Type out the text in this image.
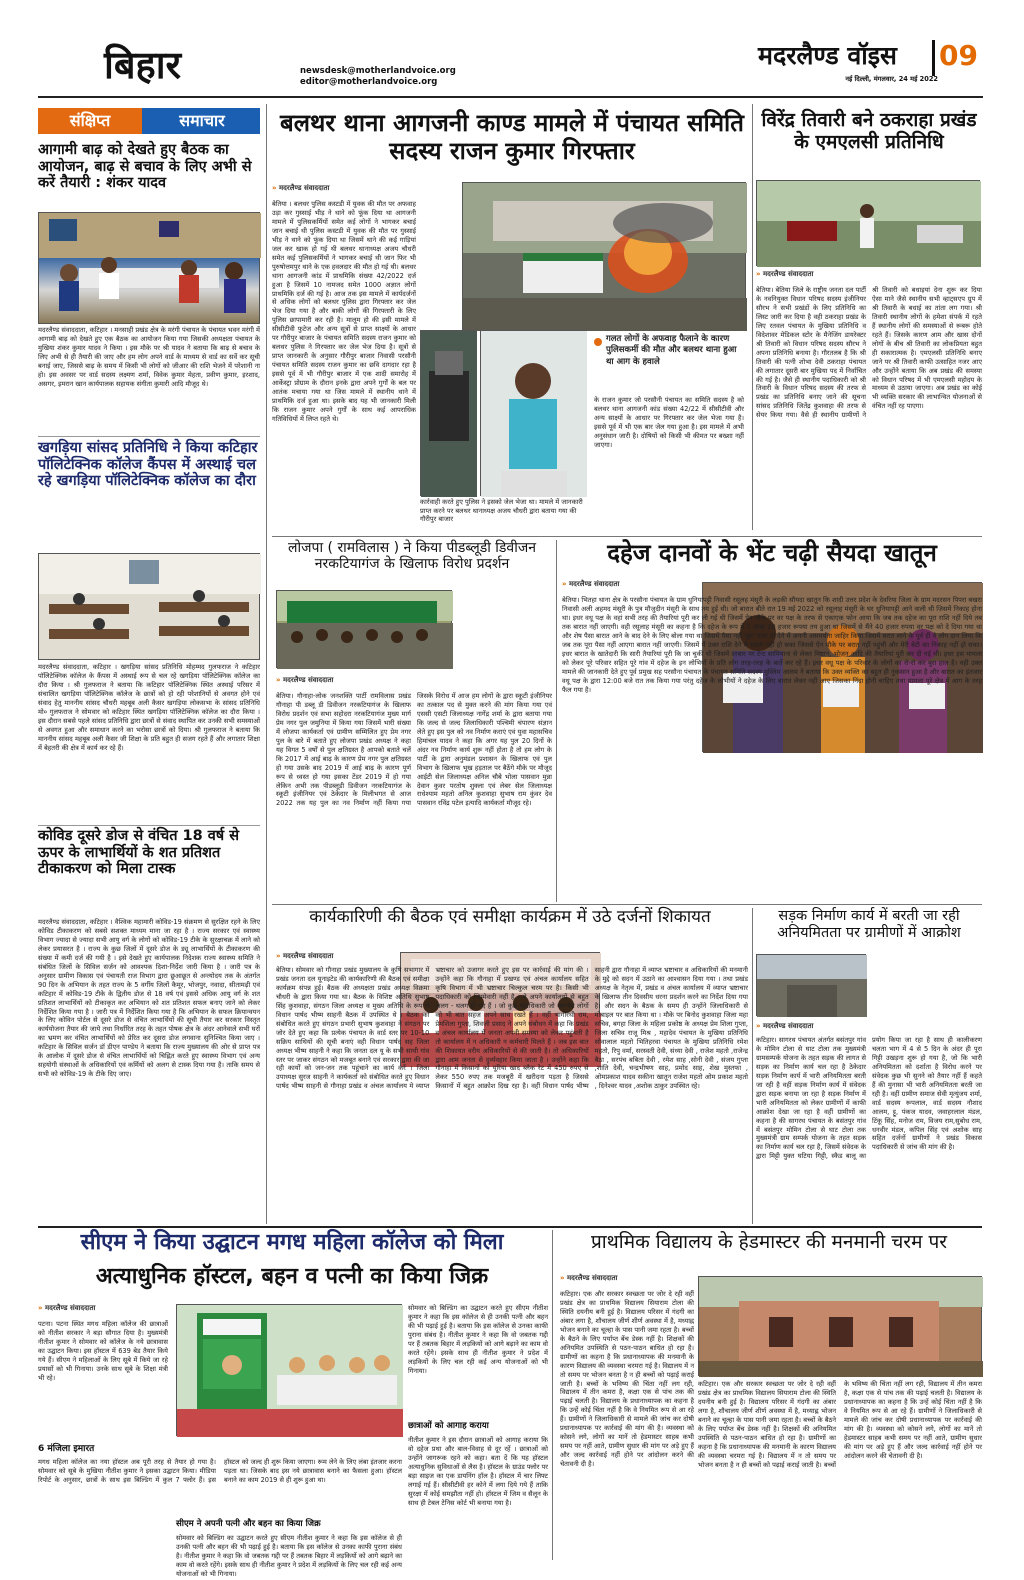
बिहार	newsdesk@motherlandvoice.org
editor@motherlandvoice.org
मदरलैण्ड वॉइस	09
नई दिल्ली, मंगलवार, 24 मई 2022
संक्षिप्त	समाचार
आगामी बाढ़ को देखते हुए बैठक का आयोजन, बाढ़ से बचाव के लिए अभी से करें तैयारी : शंकर यादव
मदरलैण्ड संवाददाता, कटिहार । मनसाही प्रखंड क्षेत्र के मरंगी पंचायत के पंचायत भवन मरंगी में आगामी बाढ़ को देखते हुए एक बैठक का आयोजन किया गया जिसकी अध्यक्षता पंचायत के मुखिया शंकर कुमार यादव ने किया । इस मौके पर श्री यादव ने बताया कि बाढ़ से बचाव के लिए अभी से ही तैयारी की जाए और हम लोग अपने वार्ड के माध्यम से वार्ड का सर्वे कर सूची बनाई जाए, जिससे बाढ़ के समय में किसी भी लोगों को जीआर की राशि भेजने में परेशानी ना हो। इस अवसर पर वार्ड सदस्य लक्ष्मण शर्मा, विवेक कुमार मेहता, प्रवीण कुमार, इरशाद, असगर, इमरान खान कार्यपालक सहायक संगीता कुमारी आदि मौजूद थे।
खगड़िया सांसद प्रतिनिधि ने किया कटिहार पॉलिटेक्निक कॉलेज कैंपस में अस्थाई चल रहे खगड़िया पॉलिटेक्निक कॉलेज का दौरा
मदरलैण्ड संवाददाता, कटिहार । खगड़िया सांसद प्रतिनिधि मोहम्मद गुलफराज ने कटिहार पॉलिटेक्निक कॉलेज के कैंपस में अस्थाई रूप से चल रहे खगड़िया पॉलिटेक्निक कॉलेज का दौरा किया । श्री गुलफराज ने बताया कि कटिहार पॉलिटेक्निक स्थित अस्थाई परिसर में संचालित खगड़िया पॉलिटेक्निक कॉलेज के छात्रों को हो रही परेशानियों से अवगत होने एवं संवाद हेतु माननीय सांसद चौधरी महबूब अली कैसर खगड़िया लोकसभा के सांसद प्रतिनिधि मो० गुलफराज ने सोमवार को कटिहार स्थित खगड़िया पॉलिटेक्निक कॉलेज का दौरा किया । इस दौरान सबसे पहले सांसद प्रतिनिधि द्वारा छात्रों से संवाद स्थापित कर उनकी सभी समस्याओं से अवगत हुआ और समाधान करने का भरोसा छात्रों को दिया। श्री गुलफराज ने बताया कि माननीय सांसद महबूब अली कैसर जी शिक्षा के प्रति बहुत ही सजग रहते हैं और लगातार शिक्षा में बेहतरी की क्षेत्र में कार्य कर रहे हैं।
कोविड दूसरे डोज से वंचित 18 वर्ष से ऊपर के लाभार्थियों के शत प्रतिशत टीकाकरण को मिला टास्क
मदरलैण्ड संवाददाता, कटिहार । वैश्विक महामारी कोविड-19 संक्रमण से सुरक्षित रहने के लिए कोविड टीकाकरण को सबसे सशक्त माध्यम माना जा रहा है । राज्य सरकार एवं स्वास्थ्य विभाग ज्यादा से ज्यादा सभी आयु वर्ग के लोगों को कोविड-19 टीके के सुरक्षाचक्र में लाने को लेकर प्रयासरत है । राज्य के कुछ जिलों में दूसरे डोज के ड्यू लाभार्थियों के टीकाकरण की संख्या में कमी दर्ज की गयी है । इसे देखते हुए कार्यपालक निदेशक राज्य स्वास्थ्य समिति ने संबंधित जिलों के सिविल सर्जन को आवश्यक दिशा-निर्देश जारी किया है । जारी पत्र के अनुसार ग्रामीण विकास एवं पंचायती राज विभाग द्वारा छूआछूत से अन्त्योदय तक के अंतर्गत 90 दिन के अभियान के तहत राज्य के 5 वर्गीय जिलों कैमूर, भोजपुर, नवादा, सीतामढ़ी एवं कटिहार में कोविड-19 टीके के द्वितीय डोज से 18 वर्ष एवं इससे अधिक आयु वर्ग के शत प्रतिशत लाभार्थियों को टीकाकृत कर अभियान को शत प्रतिशत सफल बनाए जाने को लेकर निर्देशित किया गया है । जारी पत्र में निर्देशित किया गया है कि अभियान के सफल क्रियान्वयन के लिए कोविन पोर्टल से दूसरे डोज से वंचित लाभार्थियों की सूची तैयार कर सरकार विस्तृत कार्ययोजना तैयार की जाये तथा निर्धारित तरह के तहत पोषक क्षेत्र के अंदर आनेवाले सभी घरों का भ्रमण कर वंचित लाभार्थियों को प्रेरित कर दूसरा डोज लगवाना सुनिश्चित किया जाए । कटिहार के सिविल सर्जन डॉ डीएन पाण्डेय ने बताया कि राज्य मुख्यालय की ओर से प्राप्त पत्र के आलोक में दूसरे डोज से वंचित लाभार्थियों को चिह्नित करते हुए स्वास्थ्य विभाग एवं अन्य सहयोगी संस्थाओं के अधिकारियों एवं कर्मियों को अलग से टास्क दिया गया है। ताकि समय से सभी को कोविड-19 के टीके दिए जाए।
बलथर थाना आगजनी काण्ड मामले में पंचायत समिति सदस्य राजन कुमार गिरफ्तार
» मदरलैण्ड संवाददाता
बेतिया । बलथर पुलिस कस्टडी में युवक की मौत पर अफवाह उड़ा कर गुस्साई भीड़ ने थाने को फूंक दिया था आगजनी मामले में पुलिसकर्मियों समेत कई लोगों ने भागकर बचाई जान बचाई थी पुलिस कस्टडी में युवक की मौत पर गुस्साई भीड़ ने थाने को फूंक दिया था जिसमें थाने की कई गाड़ियां जल कर खाक हो गई थी बलथर थानाध्यक्ष अजय चौधरी समेत कई पुलिसकर्मियों ने भागकर बचाई थी जान फिर भी पुरुषोत्तमपुर थाने के एक हवलदार की मौत हो गई थी। बलथर थाना आगजनी कांड में प्राथमिकि संख्या 42/2022 दर्ज हुआ है जिसमें 10 नामजद समेत 1000 अज्ञात लोगों प्राथमिकि दर्ज की गई है। आज तक इस मामले में कार्यदर्जनों से अधिक लोगों को बलथर पुलिस द्वारा गिरफ्तार कर जेल भेज दिया गया है और बाकी लोगों की गिरफ्तारी के लिए पुलिस छापामारी कर रही है। मालूम हो की इसी मामले में सीसीटीवी फुटेज और अन्य सूत्रों से प्राप्त साक्ष्यों के आधार पर गौरीपुर बाजार के पंचायत समिति सदस्य राजन कुमार को बलथर पुलिस ने गिरफ्तार कर जेल भेज दिया है। सूत्रों से प्राप्त जानकारी के अनुसार गौरीपुर बाजार निवासी परसौनी पंचायत समिति सदस्य राजन कुमार का छवि दागदार रहा है इससे पूर्व में भी गौरीपुर बाजार में एक शादी समारोह में आर्केस्ट्रा प्रोग्राम के दौरान इनके द्वारा अपने गुर्गों के बल पर आतंक मचाया गया था जिस मामले में स्थानीय थाने में प्राथमिकि दर्ज हुआ था। इसके बाद यह भी जानकारी मिली कि राजन कुमार अपने गुर्गों के साथ कई आपराधिक गतिविधियों में लिप्त रहते थे।
कार्रवाही करते हुए पुलिस ने इसको जेल भेजा था। मामले में जानकारी प्राप्त करने पर बलथर थानाध्यक्ष अजय चौधरी द्वारा बताया गया की गौरीपुर बाजार
गलत लोगों के अफवाह फैलाने के कारण पुलिसकर्मी की मौत और बलथर थाना हुआ था आग के हवाले
के राजन कुमार जो परसौनी पंचायत का समिति सदस्य है को बलथर थाना आगजनी कांड संख्या 42/22 में सीसीटीवी और अन्य साक्ष्यों के आधार पर गिरफ्तार कर जेल भेजा गया है। इससे पूर्व में भी एक बार जेल गया हुआ है। इस मामले में अभी अनुसंधान जारी है। दोषियों को किसी भी कीमत पर बख्शा नहीं जाएगा।
विरेंद्र तिवारी बने ठकराहा प्रखंड के एमएलसी प्रतिनिधि
» मदरलैण्ड संवाददाता
बेतिया। बेतिया जिले के राष्ट्रीय जनता दल पार्टी के नवनियुक्त विधान परिषद सदस्य इंजीनियर सौरभ ने सभी प्रखंडों के लिए प्रतिनिधि का लिस्ट जारी कर दिया है वही ठकराहा प्रखंड के लिए रतवल पंचायत के मुखिया प्रतिनिधि व विदेशावर मेडिकल स्टोर के मैनेजिंग डायरेक्टर श्री तिवारी को विधान परिषद सदस्य सौरभ ने अपना प्रतिनिधि बनाया है। गौरतलब है कि श्री तिवारी की पत्नी शोभा देवी ठकराहा पंचायत की लगातार दूसरी बार मुखिया पद में निर्वाचित की गई है। जैसे ही स्थानीय पदाधिकारी को श्री तिवारी के विधान परिषद सदस्य की तरफ से प्रखंड का प्रतिनिधि बनाए जाने की सूचना सांसद प्रतिनिधि जितेंद्र कुशवाहा की तरफ से सेयर किया गया। वैसे ही स्थानीय ग्रामीणों ने श्री तिवारी को बधाइयां देना शुरू कर दिया ऐसा माने जैसे स्थानीय सभी व्हाट्सएप ग्रुप में श्री तिवारी के बधाई का तांता लग गया। श्री तिवारी स्थानीय लोगों के हमेशा संपर्क में रहते हैं स्थानीय लोगों की समस्याओं से रूबरू होते रहते हैं। जिसके कारण आम और खास दोनों लोगों के बीच श्री तिवारी का लोकप्रियता बहुत ही सकारात्मक है। एमएलसी प्रतिनिधि बनाए जाने पर श्री तिवारी काफी उत्साहित नजर आए और उन्होंने बताया कि अब प्रखंड की समस्या को विधान परिषद में भी एमएलसी महोदय के माध्यम से उठाया जाएगा। अब प्रखंड का कोई भी व्यक्ति सरकार की लाभान्वित योजनाओं से वंचित नहीं रह पाएगा।
लोजपा ( रामविलास ) ने किया पीडब्लूडी डिवीजन नरकटियागंज के खिलाफ विरोध प्रदर्शन
» मदरलैण्ड संवाददाता
बेतिया। गौनाहा-लोक जनशक्ति पार्टी रामविलास प्रखंड गौनाहा पी डब्लू डी डिवीजन नरकटियागंज के खिलाफ विरोध प्रदर्शन एवं सभा सहोदरा नरकटियागंज मुख्य मार्ग प्रेम नगर पुल जमुनिया में किया गया जिसमें भारी संख्या में लोजपा कार्यकर्ता एवं ग्रामीण सम्मिलित हुए प्रेम नगर पुल के बारे में बताते हुए लोजपा प्रखंड अध्यक्ष ने कहा यह विगत 5 वर्षों से पुल क्षतिग्रस्त है आपको बताते चलें कि 2017 में आई बाढ़ के कारण प्रेम नगर पुल क्षतिग्रस्त हो गया उसके बाद 2019 में आई बाढ़ के कारण पूर्ण रूप से ध्वस्त हो गया इसका टेंडर 2019 में हो गया लेकिन अभी तक पीडब्लूडी डिवीजन नरकटियागंज के स्कूटी इंजीनियर एवं ठेकेदार के मिलीभगत से आज 2022 तक यह पुल का नव निर्माण नहीं किया गया जिसके विरोध में आज हम लोगों के द्वारा स्कूटी इंजीनियर का तत्काल पद से मुक्त करने की मांग किया गया एवं एससी एसटी जिलाध्यक्ष नागेंद्र शर्मा के द्वारा बताया गया कि जल्द से जल्द जिलाधिकारी पश्चिमी चंपारण संज्ञान लेते हुए इस पुल को नव निर्माण कराएं एवं युवा महासचिव हिमांचल यादव ने कहा कि अगर यह पुल 20 दिनों के अंदर नव निर्माण कार्य शुरू नहीं होता है तो हम लोग के पार्टी के द्वारा अनुमंडल प्रशासन के खिलाफ एवं पुल विभाग के खिलाफ भूख हड़ताल पर बैठेंगे मौके पर मौजूद आईटी सेल जिलाध्यक्ष अनिल चौबे भोला पासवान मुन्ना देवान कुवर परतोष शुक्ला एवं लेबर सेल जिलाध्यक्ष राधेश्याम महतो अनिल कुशवाहा सुभाष राम कुंवर देव पासवान रविंद्र पटेल इत्यादि कार्यकर्ता मौजूद रहे।
दहेज दानवों के भेंट चढ़ी सैयदा खातून
» मदरलैण्ड संवाददाता
बेतिया। भितहा थाना क्षेत्र के परसौना पंचायत के ग्राम धुनियापट्टी निवासी रसूलह मंसूरी के लड़की सौयदा खातून कि शादी उत्तर प्रदेश के देवरिया जिला के ग्राम मदरसन पिपरा बखरा निवासी अली अहमद मंसूरी के पुत्र मौजुदीन मंसूरी के साथ तय हुई थी। जो बारात बीते रात 19 मई 2022 को रसूलाह मंसूरी के घर धुनियापट्टी आने वाली थी जिसमें निकाह होना था। इधर वधू पक्ष के वहां सभी तरह की तैयारियां पूरी कर ली गई थी जिसमें ऐन मौके पर वर पक्ष के तरफ से एकाएक फोन आया कि जब तक दहेज का पूरा राशि नहीं दिये तब तक बारात नहीं जाएगी। वही रसूलाह मंसूरी का कहना है कि दहेज के रूप में 1 लाख 20 हजार रूपया तय हुआ था जिसमें से मैंने 40 हजार रुपया वर पक्ष को दे दिया गया था और शेष पैसा बारात आने के बाद देने के लिए बोला गया था जिसमें पैसा नहीं जुटा पाया तो देने में अपनी असमर्थता जाहिर किया जिसमें बरात लाने के पूर्व ही वे लोग दान लिया कि जब तक पूरा पैसा नहीं आएगा बारात नहीं जाएगी। जिसमें मैं उक्त राशि देने में सक्षम नहीं हो सका जिससे ऐन मौके पर बरात नहीं पहुंची और मेरी बेटी का निकाह नहीं हो सका। इधर बारात के खातेदारी कि सारी तैयारियां पूरी कि जा चुकी थी जिसमें दरबार पर टेन्ट सामियाना से लेकर मिष्ठान, भोजन आदि की तैयारियां पूरी कर दी गई थी। इधर इस मामला को लेकर पूरे परिवार सहित पूरे गांव में दहेज के इन लोभियों के प्रति लोग तरह-तरह के बातें कर रहे हैं। इधर वधू पक्ष के परिवार के लोगों का रो-रो कर बुरा हाल है। वही उक्त मामले की जानकारी देते हुए पूर्व प्रमुख सह परसौना पंचायत के पंचायत समिति सदस्य मुस्लिम आलम ने बताया कि उक्त व्यक्ति का बहुत ही नुकसान हुआ है और बारात का इंतजार वधू पक्ष के द्वारा 12:00 बजे रात तक किया गया परंतु दहेज के लोभीयों ने दहेज के लिए बारात लेकर नहीं आए जिसका निंदा होनी चाहिए तथा मामला पूरे क्षेत्र में आग के तरह फैल गया है।
कार्यकारिणी की बैठक एवं समीक्षा कार्यक्रम में उठे दर्जनों शिकायत
» मदरलैण्ड संवाददाता
बेतिया। सोमवार को गौनाहा प्रखंड मुख्यालय के कुषि सभागार में प्रखंड जनता दल यूनाइटेड की कार्यकारिणी की बैठक एवं समीक्षा कार्यक्रम संपन्न हुई। बैठक की अध्यक्षता प्रखंड अध्यक्ष विक्रमा चौधरी के द्वारा किया गया था। बैठक के विशिष्ट अतिथि सुभाष सिंह कुशवाहा, संगठन जिला अध्यक्ष व मुख्य अतिथि के रूप में विधान पार्षद भीष्म साहनी बैठक में उपस्थित थे । बैठक को संबोधित करते हुए संगठन प्रभारी सुभाष कुशवाहा ने संगठन पर जोर देते हुए कहा कि प्रत्येक पंचायत के वार्ड स्तर पर 10-10 सक्रिय साथियों की सूची बनाएं वही विधान पार्षद सह जिला अध्यक्ष भीष्म साहनी ने कहा कि जनता दल यू के सभी साथी गांव स्तर पर जाकर संगठन को मजबूत बनाने एवं सरकार द्वारा की जा रही कार्यों को जन-जन तक पहुंचाने का कार्य करें । जिला उपाध्यक्ष सुरज साहनी ने कार्यकर्ता को संबोधित करते हुए विधान पार्षद भीष्म साहनी से गौनाहा प्रखंड व अंचल कार्यालय मे व्याप्त भ्रष्टाचार को उजागर करते हुए इस पर कार्रवाई की मांग की । उन्होंने कहा कि गौनाहा में प्रखण्ड एवं अंचल कार्यालय सहित कृषि विभाग में भी भ्रष्टाचार चिल्कुल चरम पर है। किसी भी पदाधिकारी को जिम्मेवारी नहीं है । वे अपने कार्यालयों से बहुत अलग - थलग हो गए हैं । जो कुछ पदाधिकारी जो स्थानीय लोगों को भी बात सहज अपने साथ रखते हैं । वहीं भागीरथी राम, प्रेमशिला गुप्ता, शिवजी प्रसाद ने अपने संबोधन में कहा कि प्रखंड व अंचल कार्यालय में जनता अपनी समस्या को लेकर पहुंचती है तो कार्यालय में न अधिकारी न कर्मचारी मिलते हैं । जब इस बात की शिकायत वरीय अधिकारियों से की जाती है। तो अधिकारियों द्वारा आम जनता से दुर्व्यवहार किया जाता है । उन्होंने कहा कि गौनाहा में किसानों को यूरिया खाद ब्लैक रेट में 450 रुपए से लेकर 550 रुपए तक मजबूरी में खरीदना पड़ता है जिससे किसानों में बहुत आक्रोश दिख रहा है। वहीं विधान पार्षद भीष्म साहनी द्वारा गौनाहा में व्याप्त भ्रष्टाचार व अधिकारियों की मनमानी के मुद्दे को सदन में उठाने का आश्वासन दिया गया । तथा प्रखंड अध्यक्ष के नेतृत्व में, प्रखंड व अंचल कार्यालय में व्याप्त भ्रष्टाचार के खिलाफ तीन दिवसीय धरना प्रदर्शन करने का निर्देश दिया गया है। और सदन के बैठक के समय ही उन्होंने जिलाधिकारी से मोबाइल पर बात किया था । मौके पर बिनोद कुशवाहा जिला महा सचिव, बगहा जिला के महिला प्रकोष्ठ के अध्यक्ष प्रेम शिला गुप्ता, जिला सचिव राजू मिश्र , महादेव पंचायत के मुखिया प्रतिनिधि सोवालाल महतो भितिहरवा पंचायत के मुखिया प्रतिनिधि रमेश महतो, रिपु वर्मा, सरस्वती देवी, संध्या देवी , राजेश महतो ,राजेन्द्र बैठा , सरपंच बबिता देवी , रमेश साह ,सोनी देवी , संजय गुप्ता ,शांति देवी, चन्द्रभीषण साह, प्रमोद साह, शेख मुस्तफा , ओमप्रकाश यादव सकीना खातून राजेश महतो ओम प्रकाश महतो , दिनेश्वर यादव ,अशोक ठाकुर उपस्थित रहे।
सड़क निर्माण कार्य में बरती जा रही अनियमितता पर ग्रामीणों में आक्रोश
» मदरलैण्ड संवाददाता
कटिहार। सागरथ पंचायत अंतर्गत बसंतपुर गांव के मोमिन टोला से घाट टोला तक मुख्यमंत्री ग्रामसम्पर्क योजना के तहत सड़क की लागत से सड़क का निर्माण कार्य चल रहा है ठेकेदार सड़क निर्माण कार्य में भारी अनियमितता बरती जा रही है वहीं सड़क निर्माण कार्य में संवेदक द्वारा सड़क बनाया जा रहा है सड़क निर्माण में भारी अनियमितता को लेकर ग्रामीणों में काफी आक्रोश देखा जा रहा है वहीं ग्रामीणों का कहना है की सागरथ पंचायत के बसंतपुर गांव में बसंतपुर मोमिन टोला से घाट टोला तक मुख्यमंत्री ग्राम सम्पर्क योजना के तहत सड़क का निर्माण कार्य चल रहा है, जिसमें संवेदक के द्वारा मिट्टी युक्त घटिया गिट्टी, स्कैड बालू का प्रयोग किया जा रहा है साथ ही कालीकरण चलता भाग में 4 से 5 दिन के अंदर ही पूरा गिट्टी उखड़ना शुरू हो गया है, जो कि भारी अनियमितता को दर्शाता है विरोध करने पर संवेदक कुछ भी सुनने को तैयार नहीं हैं कहते हैं की मुनासा भी भारी अनियमितता बरती जा रही है। वहीं ग्रामीण समाज सेवी मृत्युंजय शर्मा, वार्ड सदस्य रूपलाल, वार्ड सदस्य नौशाद आलम, ट्टू, पंकज यादव, जवाहरलाल मंडल, टिंकू सिंह, मनोज राम, विजय राम,सुबोध राम, धनवीर मंडल, कपिल सिंह एवं अशोक साह सहित दर्जनों ग्रामीणों ने प्रखंड विकास पदाधिकारी से जांच की मांग की है।
सीएम ने किया उद्घाटन मगध महिला कॉलेज को मिला
अत्याधुनिक हॉस्टल, बहन व पत्नी का किया जिक्र
» मदरलैण्ड संवाददाता
पटना। पटना स्थित मगध महिला कॉलेज की छात्राओं को नीतीश सरकार ने बड़ा सौगात दिया है। मुख्यमंत्री नीतीश कुमार ने सोमवार को कॉलेज के नये छात्रावास का उद्घाटन किया। इस हॉस्टल में 639 बेड तैयार किये गये हैं। सीएम ने महिलाओं के लिए सूबे में किये जा रहे प्रयासों को भी गिनाया। उनके साथ सूबे के शिक्षा मंत्री भी रहे।
6 मंजिला इमारत
मगध महिला कॉलेज का नया हॉस्टल अब पूरी तरह से तैयार हो गया है। सोमवार को सूबे के मुखिया नीतीश कुमार ने इसका उद्घाटन किया। मीडिया रिपोर्ट के अनुसार, छात्रों के साथ इस बिल्डिंग में कुल 7 फ्लोर हैं। इस हॉस्टल को जल्द ही शुरू किया जाएगा। रूम लेने के लिए लंबा इंतजार करना पड़ता था। जिसके बाद इस नये छात्रावास बनाने का फैसला हुआ। हॉस्टल बनाने का काम 2019 से ही शुरू हुआ था।
सीएम ने अपनी पत्नी और बहन का किया जिक्र
सोमवार को बिल्डिंग का उद्घाटन करते हुए सीएम नीतीश कुमार ने कहा कि इस कॉलेज से ही उनकी पत्नी और बहन की भी पढ़ाई हुई है। बताया कि इस कॉलेज से उनका काफी पुराना संबंध है। नीतीश कुमार ने कहा कि वो जबतक गद्दी पर हैं तबतक बिहार में लड़कियों को आगे बढ़ाने का काम वो करते रहेंगे। इसके साथ ही नीतीश कुमार ने प्रदेश में लड़कियों के लिए चल रही कई अन्य योजनाओं को भी गिनाया।
सोमवार को बिल्डिंग का उद्घाटन करते हुए सीएम नीतीश कुमार ने कहा कि इस कॉलेज से ही उनकी पत्नी और बहन की भी पढ़ाई हुई है। बताया कि इस कॉलेज से उनका काफी पुराना संबंध है। नीतीश कुमार ने कहा कि वो जबतक गद्दी पर हैं तबतक बिहार में लड़कियों को आगे बढ़ाने का काम वो करते रहेंगे। इसके साथ ही नीतीश कुमार ने प्रदेश में लड़कियों के लिए चल रही कई अन्य योजनाओं को भी गिनाया।
छात्राओं को आगाह कराया
नीतीश कुमार ने इस दौरान छात्राओं को आगाह कराया कि वो दहेज प्रथा और बाल-विवाह से दूर रहें । छात्राओं को उन्होंने जागरूक रहने को कहा। बता दें कि यह हॉस्टल अत्याधुनिक सुविधाओं से लैस है। हॉस्टल के ग्राउंड फ्लोर पर बड़ा साइज का एक डायनिंग हॉल है। हॉस्टल में चार लिफ्ट लगाई गई हैं। सीसीटीवी हर कोने में लगा दिये गये हैं ताकि सुरक्षा में कोई समझौता नहीं हो। हॉस्टल में जिम व सैलून के साथ ही टेबल टेनिस कोर्ट भी बनाया गया है।
प्राथमिक विद्यालय के हेडमास्टर की मनमानी चरम पर
» मदरलैण्ड संवाददाता
कटिहार। एक और सरकार स्वच्छता पर जोर दे रही वहीं प्रखंड क्षेत्र का प्राथमिक विद्यालय सियाराम टोला की स्थिति दयनीय बनी हुई है। विद्यालय परिसर में गंदगी का अंबार लगा है, शौचालय जीर्ण शीर्ण अवस्था में है, मध्याह्न भोजन बनाने का चूल्हा के पास पानी जमा रहता है। बच्चों के बैठने के लिए पर्याप्त बेंच डेस्क नहीं है। शिक्षकों की अनियमित उपस्थिति से पठन-पाठन बाधित हो रहा है। ग्रामीणों का कहना है कि प्रधानाध्यापक की मनमानी के कारण विद्यालय की व्यवस्था चरमरा गई है। विद्यालय में न तो समय पर भोजन बनता है न ही बच्चों को पढ़ाई कराई जाती है। बच्चों के भविष्य की चिंता नहीं लग रही, विद्यालय में तीन कमरा है, कक्षा एक से पांच तक की पढ़ाई चलती है। विद्यालय के प्रधानाध्यापक का कहना है कि उन्हें कोई चिंता नहीं है कि वे नियमित रूप से आ रहे हैं। ग्रामीणों ने जिलाधिकारी से मामले की जांच कर दोषी प्रधानाध्यापक पर कार्रवाई की मांग की है। व्यवस्था को कोसने लगे, लोगों का मानें तो हेडमास्टर साहब कभी समय पर नहीं आते, ग्रामीण सुधार की मांग पर अड़े हुए हैं और जल्द कार्रवाई नहीं होने पर आंदोलन करने की चेतावनी दी है।
कटिहार। एक और सरकार स्वच्छता पर जोर दे रही वहीं प्रखंड क्षेत्र का प्राथमिक विद्यालय सियाराम टोला की स्थिति दयनीय बनी हुई है। विद्यालय परिसर में गंदगी का अंबार लगा है, शौचालय जीर्ण शीर्ण अवस्था में है, मध्याह्न भोजन बनाने का चूल्हा के पास पानी जमा रहता है। बच्चों के बैठने के लिए पर्याप्त बेंच डेस्क नहीं है। शिक्षकों की अनियमित उपस्थिति से पठन-पाठन बाधित हो रहा है। ग्रामीणों का कहना है कि प्रधानाध्यापक की मनमानी के कारण विद्यालय की व्यवस्था चरमरा गई है। विद्यालय में न तो समय पर भोजन बनता है न ही बच्चों को पढ़ाई कराई जाती है। बच्चों के भविष्य की चिंता नहीं लग रही, विद्यालय में तीन कमरा है, कक्षा एक से पांच तक की पढ़ाई चलती है। विद्यालय के प्रधानाध्यापक का कहना है कि उन्हें कोई चिंता नहीं है कि वे नियमित रूप से आ रहे हैं। ग्रामीणों ने जिलाधिकारी से मामले की जांच कर दोषी प्रधानाध्यापक पर कार्रवाई की मांग की है। व्यवस्था को कोसने लगे, लोगों का मानें तो हेडमास्टर साहब कभी समय पर नहीं आते, ग्रामीण सुधार की मांग पर अड़े हुए हैं और जल्द कार्रवाई नहीं होने पर आंदोलन करने की चेतावनी दी है।
